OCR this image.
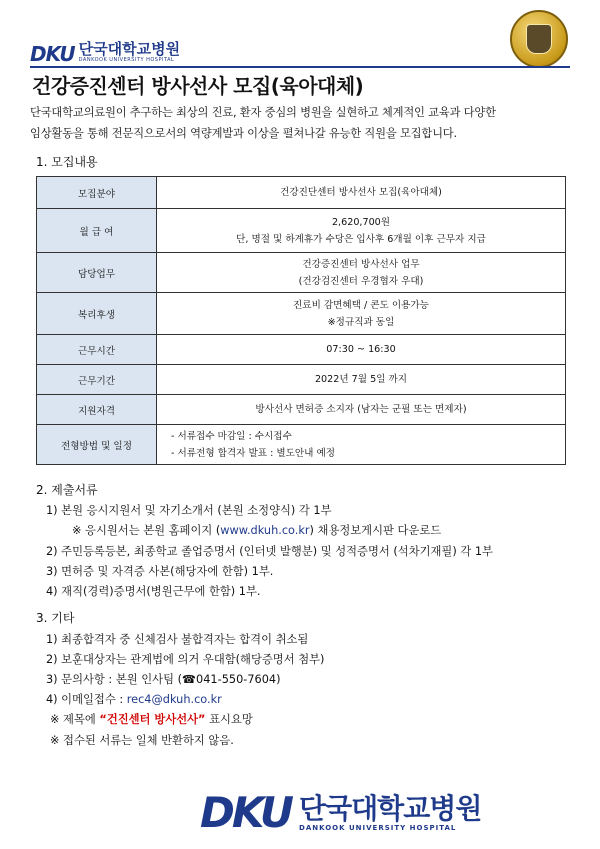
DKU 단국대학교병원
DANKOOK UNIVERSITY HOSPITAL
건강증진센터 방사선사 모집(육아대체)
단국대학교의료원이 추구하는 최상의 진료, 환자 중심의 병원을 실현하고 체계적인 교육과 다양한
임상활동을 통해 전문직으로서의 역량계발과 이상을 펼쳐나갈 유능한 직원을 모집합니다.
1. 모집내용
모집분야	건강진단센터 방사선사 모집(육아대체)

월 급 여	2,620,700원
단, 명절 및 하계휴가 수당은 입사후 6개월 이후 근무자 지급

담당업무	건강증진센터 방사선사 업무
(건강검진센터 우경협자 우대)

복리후생	진료비 감면혜택 / 콘도 이용가능
※정규직과 동일

근무시간	07:30 ~ 16:30

근무기간	2022년 7월 5일 까지

지원자격	방사선사 면허증 소지자 (남자는 군필 또는 면제자)

전형방법 및 일정	- 서류접수 마감일 : 수시접수
- 서류전형 합격자 발표 : 별도안내 예정
2. 제출서류
1) 본원 응시지원서 및 자기소개서 (본원 소정양식) 각 1부
※ 응시원서는 본원 홈페이지 (www.dkuh.co.kr) 채용정보게시판 다운로드
2) 주민등록등본, 최종학교 졸업증명서 (인터넷 발행분) 및 성적증명서 (석차기재필) 각 1부
3) 면허증 및 자격증 사본(해당자에 한함) 1부.
4) 재직(경력)증명서(병원근무에 한함) 1부.
3. 기타
1) 최종합격자 중 신체검사 불합격자는 합격이 취소됨
2) 보훈대상자는 관계법에 의거 우대함(해당증명서 첨부)
3) 문의사항 : 본원 인사팀 (☎041-550-7604)
4) 이메일접수 : rec4@dkuh.co.kr
※ 제목에 “건진센터 방사선사” 표시요망
※ 접수된 서류는 일체 반환하지 않음.
DKU 단국대학교병원
DANKOOK UNIVERSITY HOSPITAL
